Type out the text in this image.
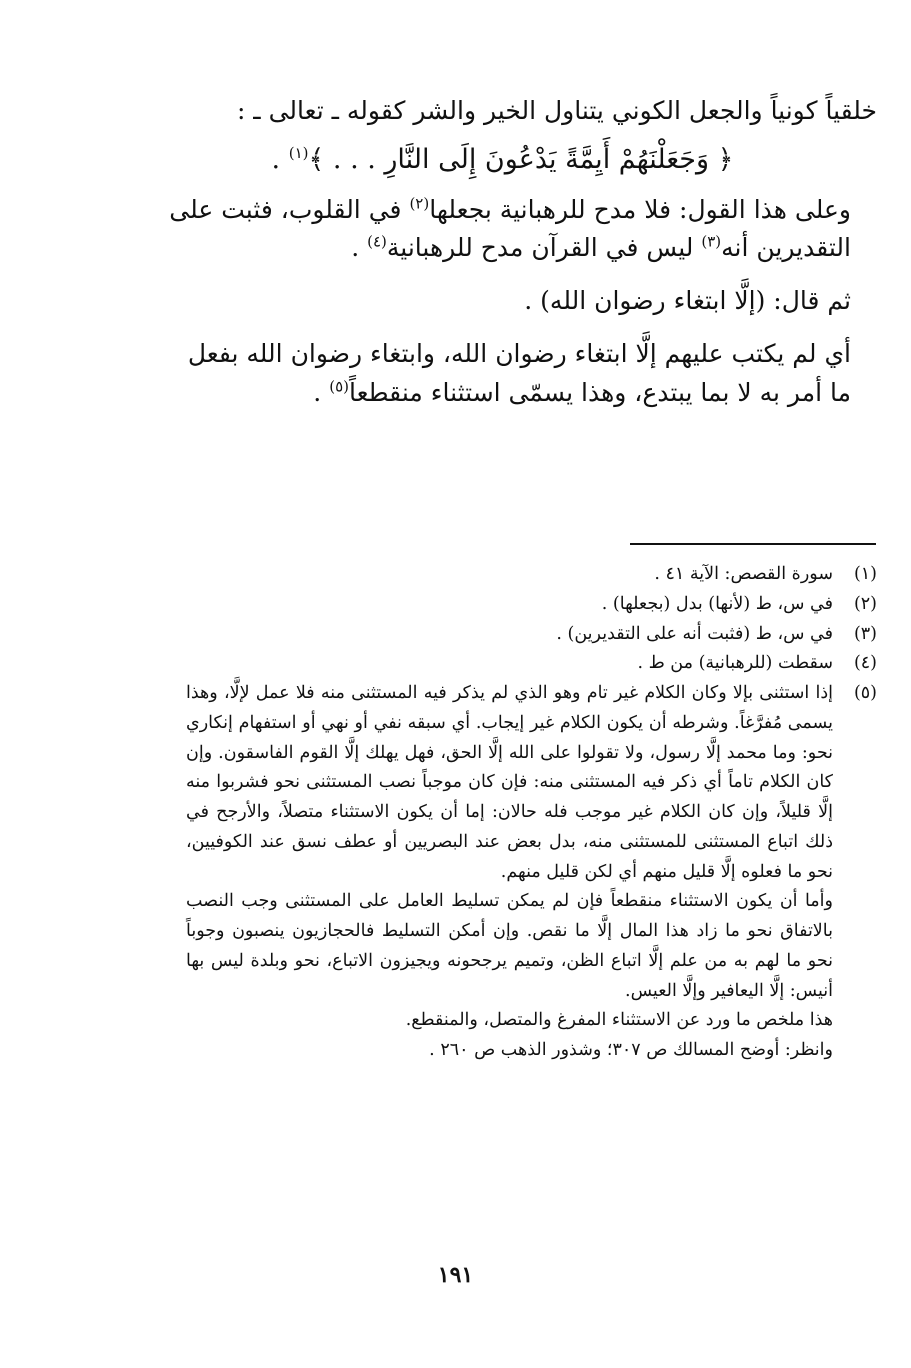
خلقياً كونياً والجعل الكوني يتناول الخير والشر كقوله ـ تعالى ـ :

﴿ وَجَعَلْنَهُمْ أَيِمَّةً يَدْعُونَ إِلَى النَّارِ . . . ﴾$^{(١)}$ .

وعلى هذا القول: فلا مدح للرهبانية بجعلها$^{(٢)}$ في القلوب، فثبت على التقديرين أنه$^{(٣)}$ ليس في القرآن مدح للرهبانية$^{(٤)}$ .

ثم قال: (إلَّا ابتغاء رضوان الله) .

أي لم يكتب عليهم إلَّا ابتغاء رضوان الله، وابتغاء رضوان الله بفعل ما أمر به لا بما يبتدع، وهذا يسمّى استثناء منقطعاً$^{(٥)}$ .

(١)
سورة القصص: الآية ٤١ .
(٢)
في س، ط (لأنها) بدل (بجعلها) .
(٣)
في س، ط (فثبت أنه على التقديرين) .
(٤)
سقطت (للرهبانية) من ط .
(٥)

إذا استثنى بإلا وكان الكلام غير تام وهو الذي لم يذكر فيه المستثنى منه فلا عمل لإلَّا، وهذا يسمى مُفرَّغاً. وشرطه أن يكون الكلام غير إيجاب. أي سبقه نفي أو نهي أو استفهام إنكاري نحو: وما محمد إلَّا رسول، ولا تقولوا على الله إلَّا الحق، فهل يهلك إلَّا القوم الفاسقون. وإن كان الكلام تاماً أي ذكر فيه المستثنى منه: فإن كان موجباً نصب المستثنى نحو فشربوا منه إلَّا قليلاً، وإن كان الكلام غير موجب فله حالان: إما أن يكون الاستثناء متصلاً، والأرجح في ذلك اتباع المستثنى للمستثنى منه، بدل بعض عند البصريين أو عطف نسق عند الكوفيين، نحو ما فعلوه إلَّا قليل منهم أي لكن قليل منهم.

وأما أن يكون الاستثناء منقطعاً فإن لم يمكن تسليط العامل على المستثنى وجب النصب بالاتفاق نحو ما زاد هذا المال إلَّا ما نقص. وإن أمكن التسليط فالحجازيون ينصبون وجوباً نحو ما لهم به من علم إلَّا اتباع الظن، وتميم يرجحونه ويجيزون الاتباع، نحو وبلدة ليس بها أنيس: إلَّا اليعافير وإلَّا العيس.

هذا ملخص ما ورد عن الاستثناء المفرغ والمتصل، والمنقطع.

وانظر: أوضح المسالك ص ٣٠٧؛ وشذور الذهب ص ٢٦٠ .

١٩١
